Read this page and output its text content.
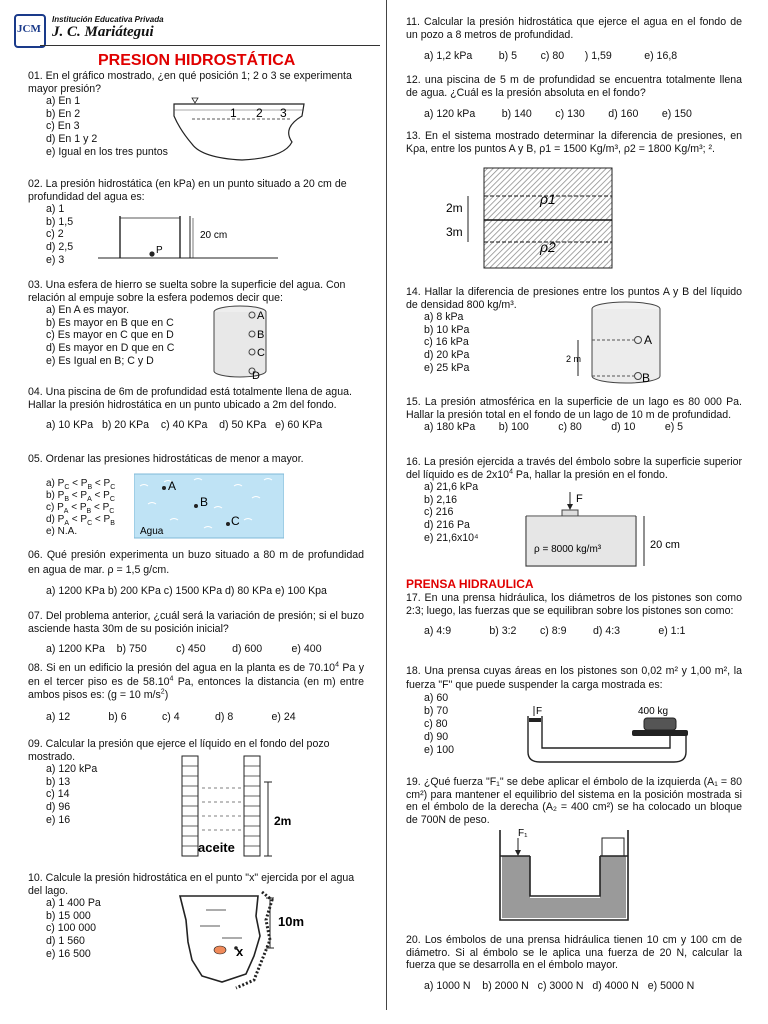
JCM
Institución Educativa Privada
J. C. Mariátegui
PRESION HIDROSTÁTICA
01. En el gráfico mostrado, ¿en qué posición 1; 2 o 3 se experimenta mayor presión?
a) En 1
b) En 2
c) En 3
d) En 1 y 2
e) Igual en los tres puntos
1 2 3
02. La presión hidrostática (en kPa) en un punto situado a 20 cm de profundidad del agua es:
a) 1
b) 1,5
c) 2
d) 2,5
e) 3
P
20 cm
03. Una esfera de hierro se suelta sobre la superficie del agua. Con relación al empuje sobre la esfera podemos decir que:
a) En A es mayor.
b) Es mayor en B que en C
c) Es mayor en C que en D
d) Es mayor en D que en C
e) Es Igual en B; C y D
A
B
C
D
04. Una piscina de 6m de profundidad está totalmente llena de agua. Hallar la presión hidrostática en un punto ubicado a 2m del fondo.
a) 10 KPa   b) 20 KPa    c) 40 KPa    d) 50 KPa   e) 60 KPa
05. Ordenar las presiones hidrostáticas de menor a mayor.
a) $P_C < P_B < P_C$
b) $P_B < P_A < P_C$
c) $P_A < P_B < P_C$
d) $P_A < P_C < P_B$
e) N.A.
A
B
C
Agua
06. Qué presión experimenta un buzo situado a 80 m de profundidad en agua de mar. ρ = 1,5 g/cm.
a) 1200 KPa b) 200 KPa c) 1500 KPa d) 80 KPa e) 100 Kpa
07. Del problema anterior, ¿cuál será la variación de presión; si el buzo asciende hasta 30m de su posición inicial?
a) 1200 KPa    b) 750          c) 450         d) 600          e) 400
08. Si en un edificio la presión del agua en la planta es de 70.10$^4$ Pa y en el tercer piso es de 58.10$^4$ Pa, entonces la distancia (en m) entre ambos pisos es: (g = 10 $m/s^2$)
a) 12             b) 6            c) 4            d) 8             e) 24
09. Calcular la presión que ejerce el líquido en el fondo del pozo mostrado.
a) 120 kPa
b) 13
c) 14
d) 96
e) 16	2m
aceite
10. Calcule la presión hidrostática en el punto "x" ejercida por el agua del lago.
a) 1 400 Pa
b) 15 000
c) 100 000
d) 1 560
e) 16 500	x
10m
11. Calcular la presión hidrostática que ejerce el agua en el fondo de un pozo a 8 metros de profundidad.
a) 1,2 kPa         b) 5        c) 80       ) 1,59           e) 16,8
12. una piscina de 5 m de profundidad se encuentra totalmente llena de agua. ¿Cuál es la presión absoluta en el fondo?
a) 120 kPa         b) 140        c) 130        d) 160        e) 150
13. En el sistema mostrado determinar la diferencia de presiones, en Kρa, entre los puntos A y B, ρ1 = 1500 Kg/m³, ρ2 = 1800 Kg/m³; ².
2m
3m
ρ1
ρ2
14. Hallar la diferencia de presiones entre los puntos A y B del líquido de densidad 800 kg/m³.
a) 8 kPa
b) 10 kPa
c) 16 kPa
d) 20 kPa
e) 25 kPa
A
B
2 m
15. La presión atmosférica en la superficie de un lago es 80 000 Pa. Hallar la presión total en el fondo de un lago de 10 m de profundidad.
a) 180 kPa        b) 100          c) 80          d) 10          e) 5
16. La presión ejercida a través del émbolo sobre la superficie superior del líquido es de $2x10^4$ Pa, hallar la presión en el fondo.
a) 21,6 kPa
b) 2,16
c) 216
d) 216 Pa
e) 21,6x10⁴
F
ρ = 8000 kg/m³	20 cm
PRENSA HIDRAULICA
17. En una prensa hidráulica, los diámetros de los pistones son como 2:3; luego, las fuerzas que se equilibran sobre los pistones son como:
a) 4:9             b) 3:2        c) 8:9         d) 4:3             e) 1:1
18. Una prensa cuyas áreas en los pistones son 0,02 m² y 1,00 m², la fuerza "F" que puede suspender la carga mostrada es:
a) 60
b) 70
c) 80
d) 90
e) 100
F	400 kg
19. ¿Qué fuerza "F₁" se debe aplicar el émbolo de la izquierda (A₁ = 80 cm²) para mantener el equilibrio del sistema en la posición mostrada si en el émbolo de la derecha (A₂ = 400 cm²) se ha colocado un bloque de 700N de peso.
F₁
20. Los émbolos de una prensa hidráulica tienen 10 cm y 100 cm de diámetro. Si al émbolo se le aplica una fuerza de 20 N, calcular la fuerza que se desarrolla en el émbolo mayor.
a) 1000 N    b) 2000 N   c) 3000 N   d) 4000 N   e) 5000 N
